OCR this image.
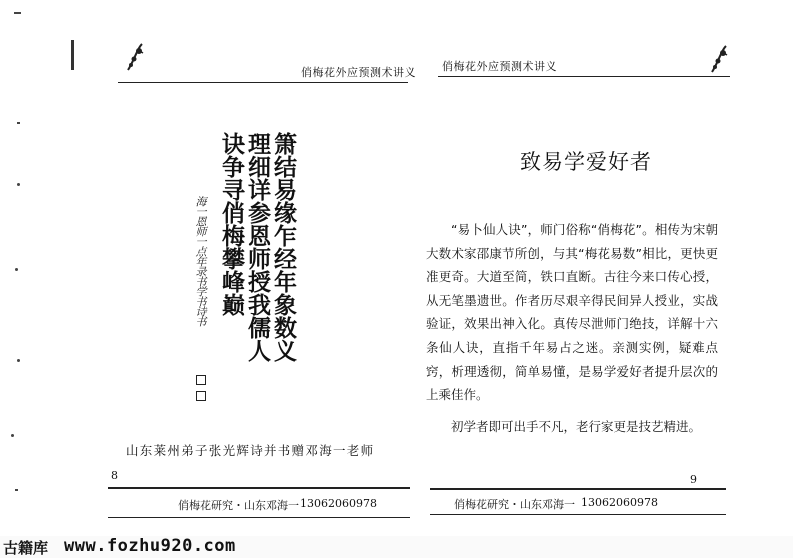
俏梅花外应预测术讲义
箫结易缘乍经年象数义
理细详参恩师授我儒人
诀争寻俏梅攀峰巅
海一恩师一点年录书学书诗书
山东莱州弟子张光辉诗并书赠邓海一老师
8
俏梅花研究・山东邓海一 13062060978
俏梅花外应预测术讲义
致易学爱好者

“易卜仙人诀”，师门俗称“俏梅花”。相传为宋朝大数术家邵康节所创，与其“梅花易数”相比，更快更准更奇。大道至简，铁口直断。古往今来口传心授，从无笔墨遗世。作者历尽艰辛得民间异人授业，实战验证，效果出神入化。真传尽泄师门绝技，详解十六条仙人诀，直指千年易占之迷。亲测实例，疑难点窍，析理透彻，简单易懂，是易学爱好者提升层次的上乘佳作。

初学者即可出手不凡，老行家更是技艺精进。

9
俏梅花研究・山东邓海一 13062060978
古籍库 www.fozhu920.com
